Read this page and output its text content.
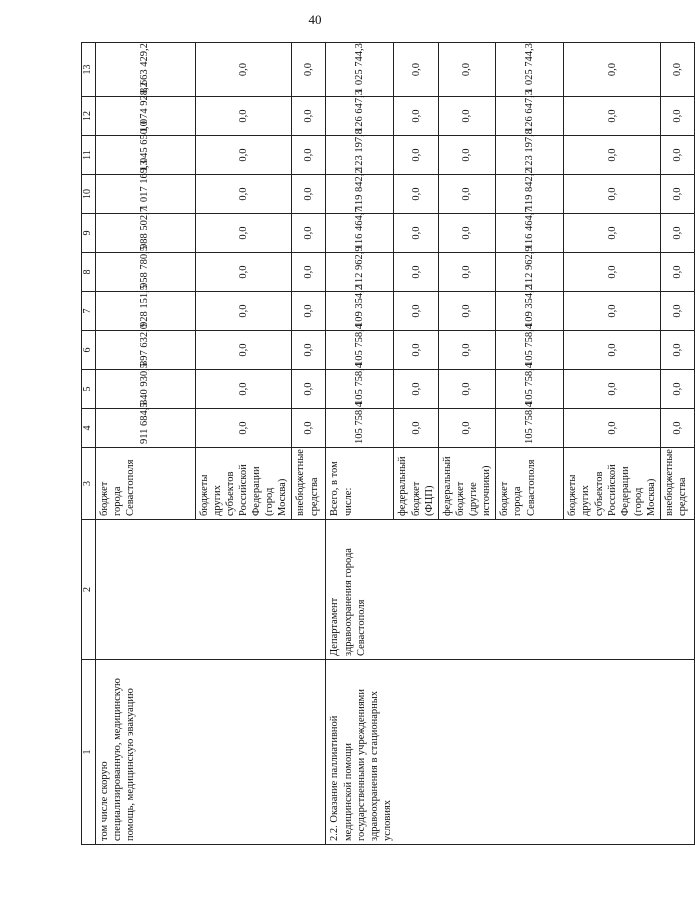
40
1	2	3	4	5	6	7	8	9	10	11	12	13
том числе скорую специализированную, медицинскую помощь, медицинскую эвакуацию		бюджет города Севастополя	911 684,5	840 930,5	897 632,0	928 151,5	958 780,5	988 502,7	1 017 169,3	1 045 650,0	1 074 928,2	8 663 429,2
		бюджеты других субъектов Российской Федерации (город Москва)	0,0	0,0	0,0	0,0	0,0	0,0	0,0	0,0	0,0	0,0
		внебюджетные средства	0,0	0,0	0,0	0,0	0,0	0,0	0,0	0,0	0,0	0,0
2.2. Оказание паллиативной медицинской помощи государственными учреждениями здравоохранения в стационарных условиях	Департамент здравоохранения города Севастополя	Всего, в том числе:	105 758,4	105 758,4	105 758,4	109 354,2	112 962,9	116 464,7	119 842,2	123 197,8	126 647,3	1 025 744,3
		федеральный бюджет (ФЦП)	0,0	0,0	0,0	0,0	0,0	0,0	0,0	0,0	0,0	0,0
		федеральный бюджет (другие источники)	0,0	0,0	0,0	0,0	0,0	0,0	0,0	0,0	0,0	0,0
		бюджет города Севастополя	105 758,4	105 758,4	105 758,4	109 354,2	112 962,9	116 464,7	119 842,2	123 197,8	126 647,3	1 025 744,3
		бюджеты других субъектов Российской Федерации (город Москва)	0,0	0,0	0,0	0,0	0,0	0,0	0,0	0,0	0,0	0,0
		внебюджетные средства	0,0	0,0	0,0	0,0	0,0	0,0	0,0	0,0	0,0	0,0
